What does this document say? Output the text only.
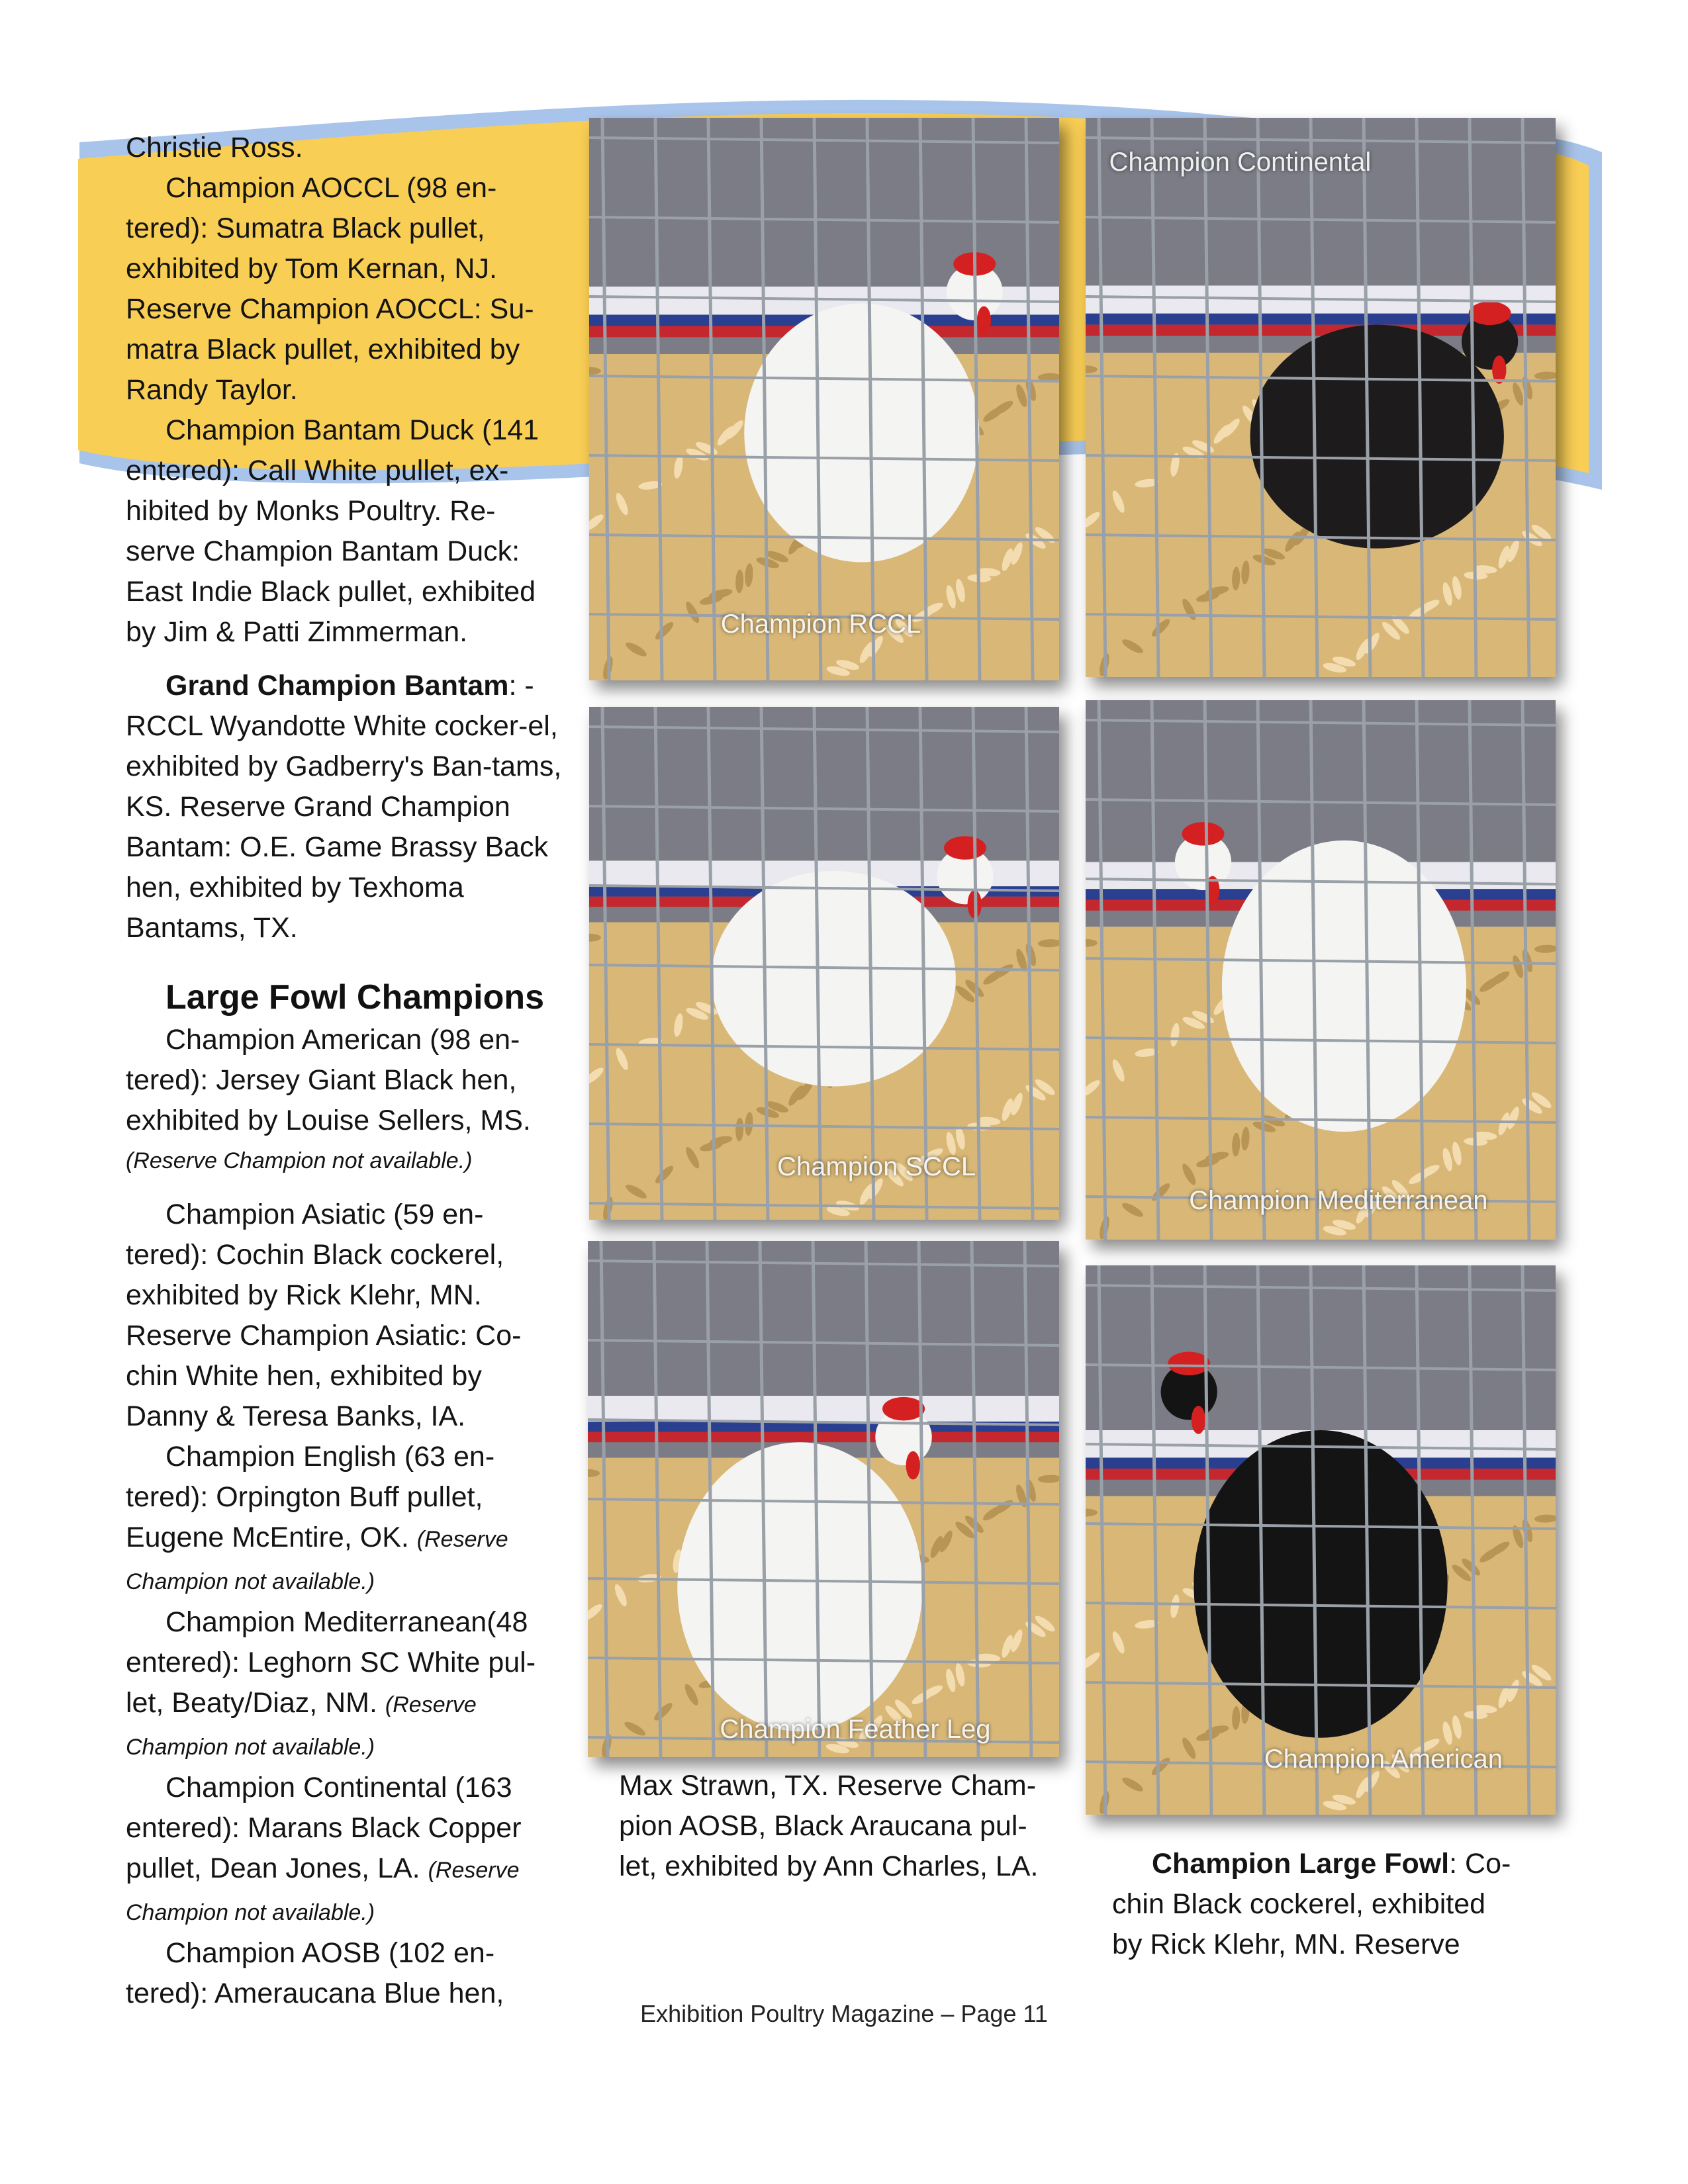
Christie Ross.

Champion AOCCL (98 en-tered): Sumatra Black pullet, exhibited by Tom Kernan, NJ. Reserve Champion AOCCL: Su-matra Black pullet, exhibited by Randy Taylor.

Champion Bantam Duck (141 entered): Call White pullet, ex-hibited by Monks Poultry. Re-serve Champion Bantam Duck: East Indie Black pullet, exhibited by Jim & Patti Zimmerman.

Grand Champion Bantam: - RCCL Wyandotte White cocker-el, exhibited by Gadberry's Ban-tams, KS. Reserve Grand Champion Bantam: O.E. Game Brassy Back hen, exhibited by Texhoma Bantams, TX.

Large Fowl Champions

Champion American (98 en-tered): Jersey Giant Black hen, exhibited by Louise Sellers, MS.

(Reserve Champion not available.)

Champion Asiatic (59 en-tered): Cochin Black cockerel, exhibited by Rick Klehr, MN. Reserve Champion Asiatic: Co-chin White hen, exhibited by Danny & Teresa Banks, IA.

Champion English (63 en-tered): Orpington Buff pullet, Eugene McEntire, OK. (Reserve Champion not available.)

Champion Mediterranean(48 entered): Leghorn SC White pul-let, Beaty/Diaz, NM. (Reserve Champion not available.)

Champion Continental (163 entered): Marans Black Copper pullet, Dean Jones, LA. (Reserve Champion not available.)

Champion AOSB (102 en-tered): Ameraucana Blue hen,

Champion RCCL
Champion Continental
Champion SCCL
Champion Mediterranean
Champion Feather Leg
Champion American

Max Strawn, TX. Reserve Cham-pion AOSB, Black Araucana pul-let, exhibited by Ann Charles, LA.	Champion Large Fowl: Co-chin Black cockerel, exhibited by Rick Klehr, MN. Reserve

Exhibition Poultry Magazine – Page 11
